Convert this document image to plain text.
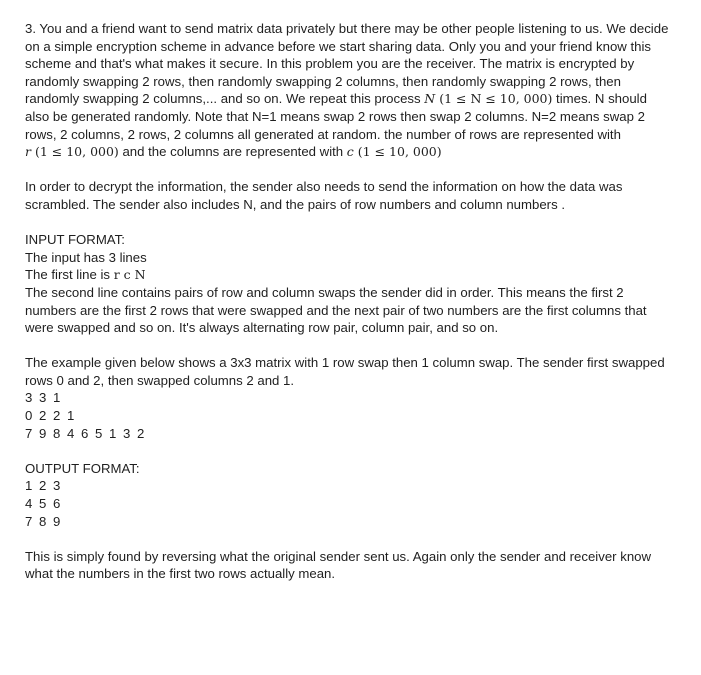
3. You and a friend want to send matrix data privately but there may be other people listening to us. We decide
on a simple encryption scheme in advance before we start sharing data. Only you and your friend know this
scheme and that's what makes it secure. In this problem you are the receiver. The matrix is encrypted by
randomly swapping 2 rows, then randomly swapping 2 columns, then randomly swapping 2 rows, then
randomly swapping 2 columns,... and so on. We repeat this process N (1 ≤ N ≤ 10, 000) times. N should
also be generated randomly. Note that N=1 means swap 2 rows then swap 2 columns. N=2 means swap 2
rows, 2 columns, 2 rows, 2 columns all generated at random. the number of rows are represented with
r (1 ≤ 10, 000) and the columns are represented with c (1 ≤ 10, 000)

In order to decrypt the information, the sender also needs to send the information on how the data was
scrambled. The sender also includes N, and the pairs of row numbers and column numbers .

INPUT FORMAT:
The input has 3 lines
The first line is r c N
The second line contains pairs of row and column swaps the sender did in order. This means the first 2
numbers are the first 2 rows that were swapped and the next pair of two numbers are the first columns that
were swapped and so on. It's always alternating row pair, column pair, and so on.

The example given below shows a 3x3 matrix with 1 row swap then 1 column swap. The sender first swapped
rows 0 and 2, then swapped columns 2 and 1.
3 3 1
0 2 2 1
7 9 8 4 6 5 1 3 2

OUTPUT FORMAT:
1 2 3
4 5 6
7 8 9

This is simply found by reversing what the original sender sent us. Again only the sender and receiver know
what the numbers in the first two rows actually mean.
